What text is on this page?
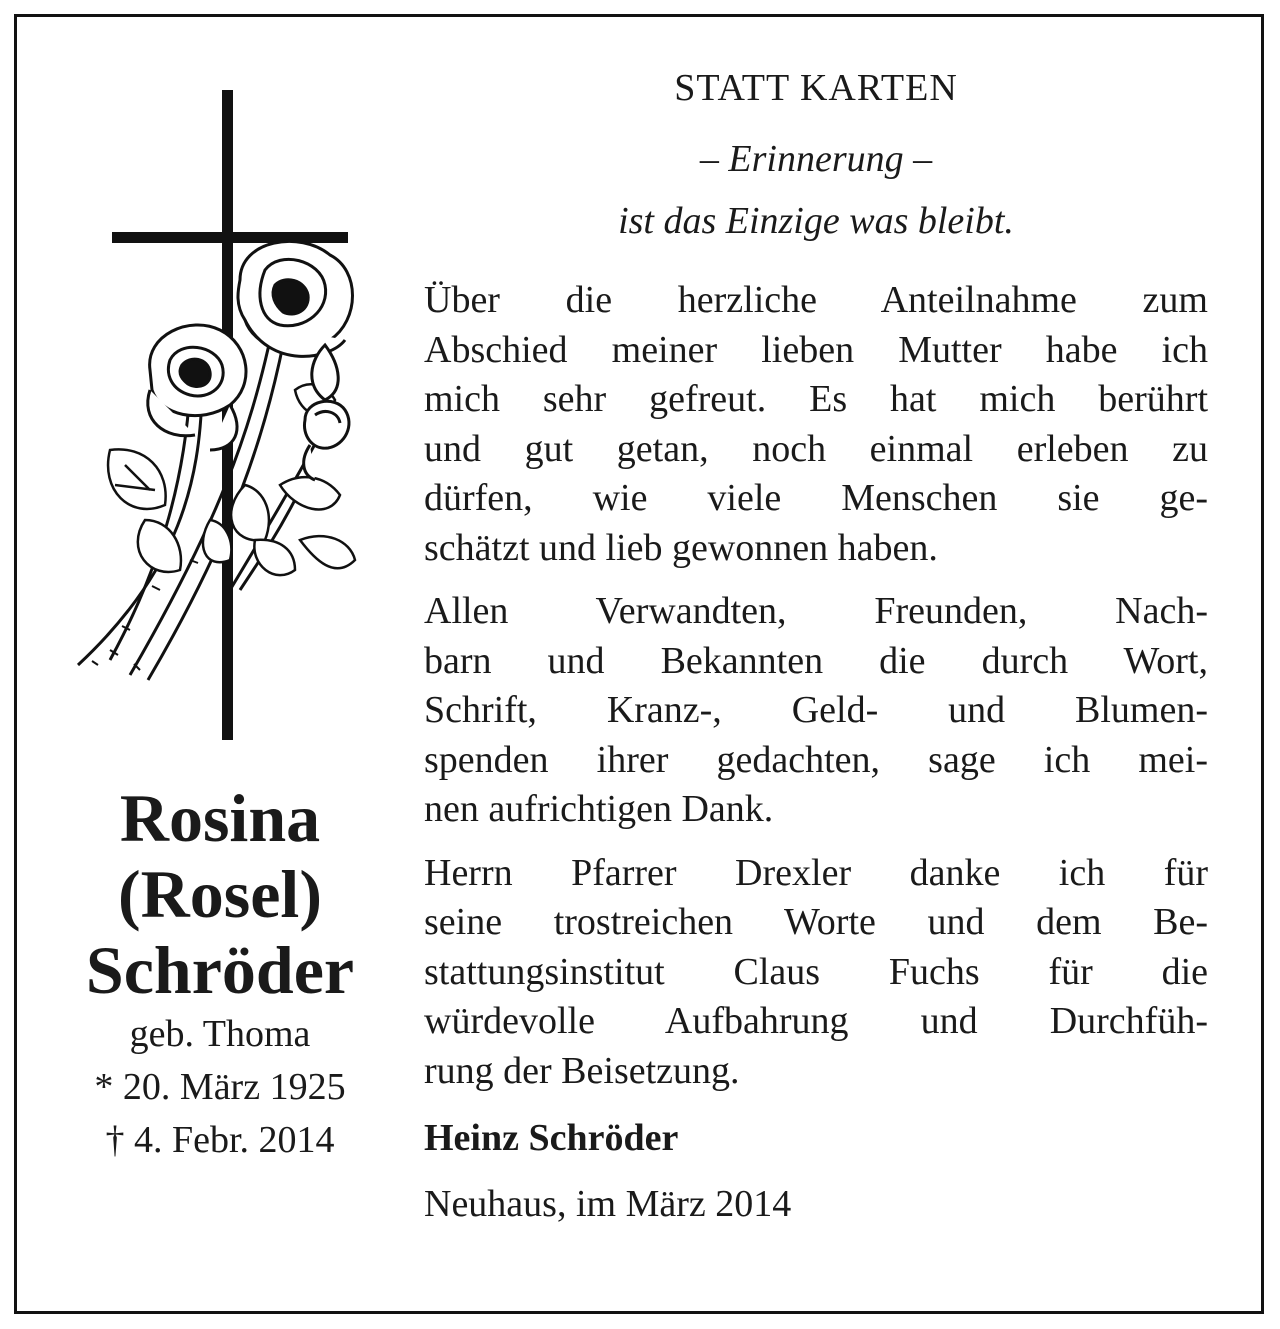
Rosina
(Rosel)
Schröder
geb. Thoma
* 20. März 1925
† 4. Febr. 2014
STATT KARTEN
– Erinnerung –
ist das Einzige was bleibt.
Über die herzliche Anteilnahme zum
Abschied meiner lieben Mutter habe ich
mich sehr gefreut. Es hat mich berührt
und gut getan, noch einmal erleben zu
dürfen, wie viele Menschen sie ge-
schätzt und lieb gewonnen haben.
Allen Verwandten, Freunden, Nach-
barn und Bekannten die durch Wort,
Schrift, Kranz-, Geld- und Blumen-
spenden ihrer gedachten, sage ich mei-
nen aufrichtigen Dank.
Herrn Pfarrer Drexler danke ich für
seine trostreichen Worte und dem Be-
stattungsinstitut Claus Fuchs für die
würdevolle Aufbahrung und Durchfüh-
rung der Beisetzung.
Heinz Schröder
Neuhaus, im März 2014
